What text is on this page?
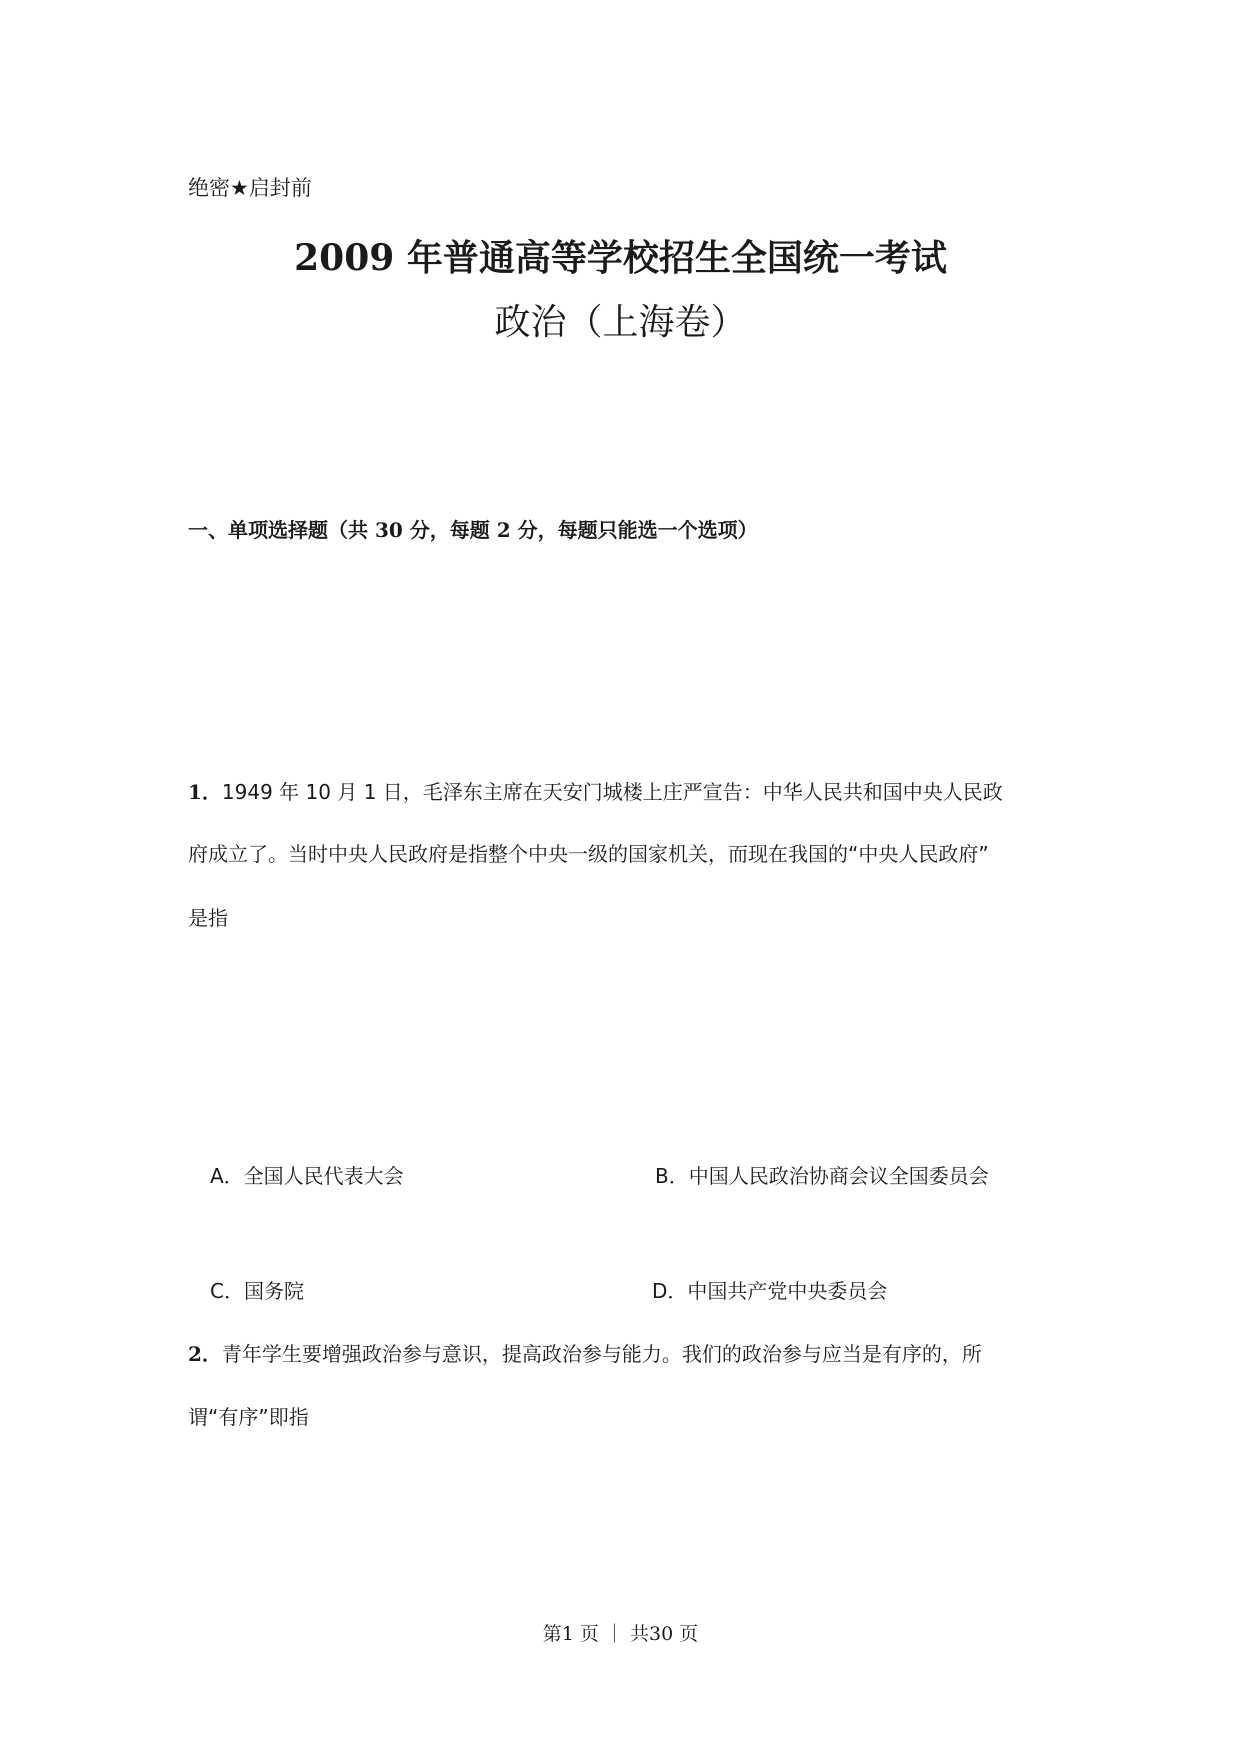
绝密★启封前
2009 年普通高等学校招生全国统一考试
政治（上海卷）
一、单项选择题（共 30 分，每题 2 分，每题只能选一个选项）
1．1949 年 10 月 1 日，毛泽东主席在天安门城楼上庄严宣告：中华人民共和国中央人民政
府成立了。当时中央人民政府是指整个中央一级的国家机关，而现在我国的“中央人民政府”
是指
A．全国人民代表大会	B．中国人民政治协商会议全国委员会
C．国务院	D．中国共产党中央委员会
2．青年学生要增强政治参与意识，提高政治参与能力。我们的政治参与应当是有序的，所
谓“有序”即指
第1 页 ｜ 共30 页
